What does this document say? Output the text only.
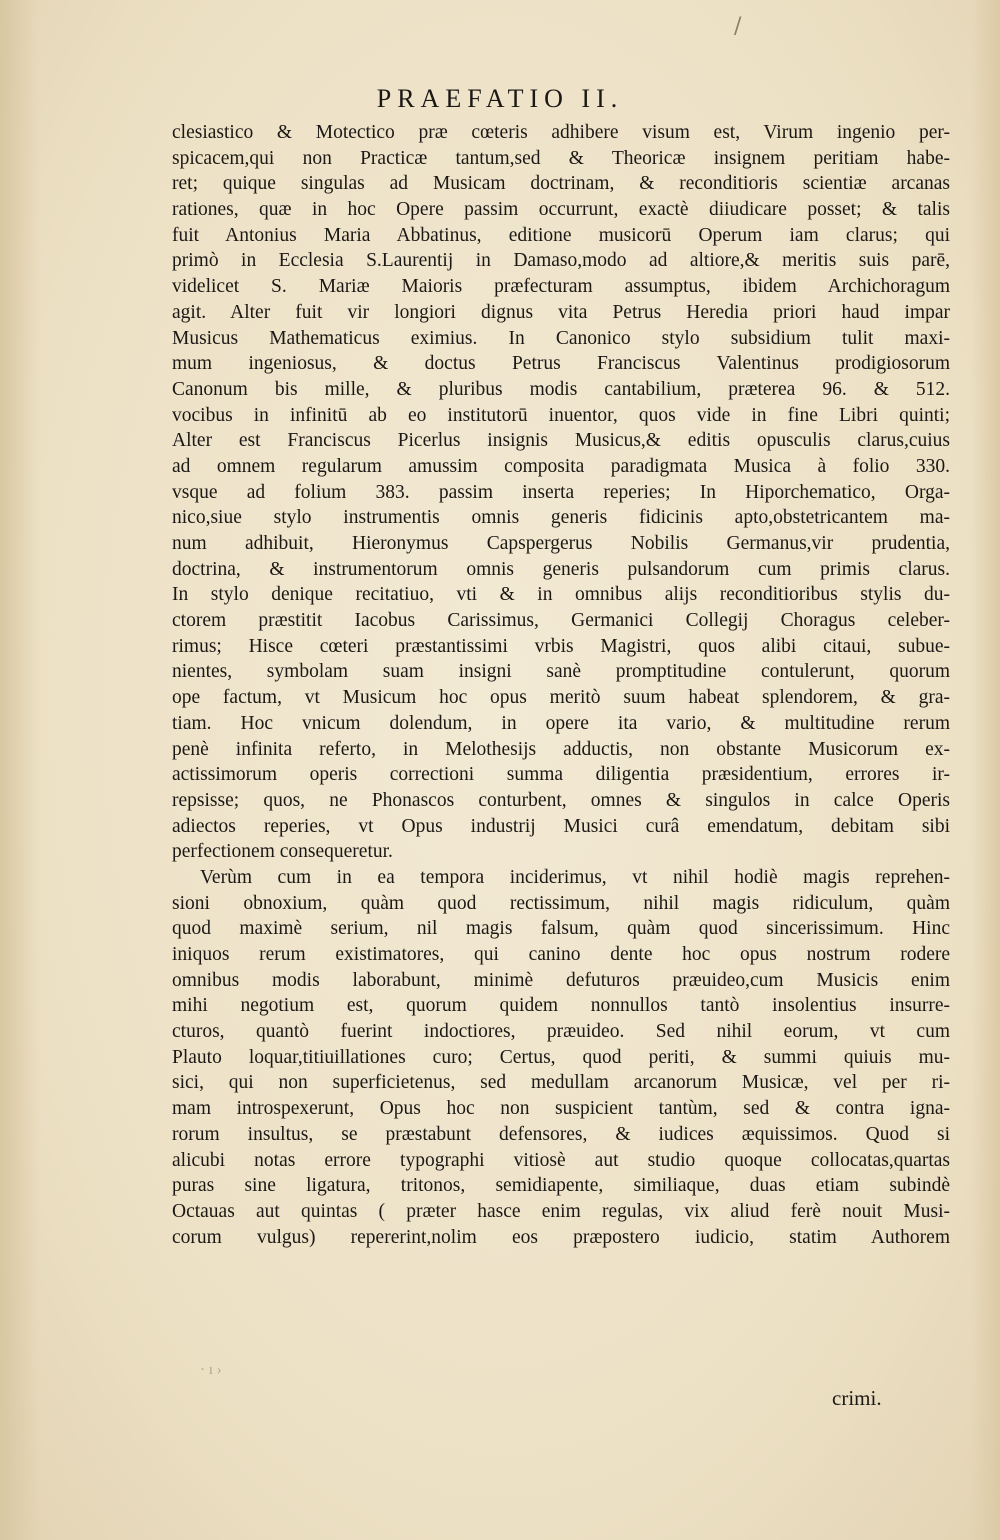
/
PRAEFATIO II.
clesiastico & Motectico præ cœteris adhibere visum est, Virum ingenio per-
spicacem,qui non Practicæ tantum,sed & Theoricæ insignem peritiam habe-
ret; quique singulas ad Musicam doctrinam, & reconditioris scientiæ arcanas
rationes, quæ in hoc Opere passim occurrunt, exactè diiudicare posset; & talis
fuit Antonius Maria Abbatinus, editione musicorū Operum iam clarus; qui
primò in Ecclesia S.Laurentij in Damaso,modo ad altiore,& meritis suis parē,
videlicet S. Mariæ Maioris præfecturam assumptus, ibidem Archichoragum
agit. Alter fuit vir longiori dignus vita Petrus Heredia priori haud impar
Musicus Mathematicus eximius. In Canonico stylo subsidium tulit maxi-
mum ingeniosus, & doctus Petrus Franciscus Valentinus prodigiosorum
Canonum bis mille, & pluribus modis cantabilium, præterea 96. & 512.
vocibus in infinitū ab eo institutorū inuentor, quos vide in fine Libri quinti;
Alter est Franciscus Picerlus insignis Musicus,& editis opusculis clarus,cuius
ad omnem regularum amussim composita paradigmata Musica à folio 330.
vsque ad folium 383. passim inserta reperies; In Hiporchematico, Orga-
nico,siue stylo instrumentis omnis generis fidicinis apto,obstetricantem ma-
num adhibuit, Hieronymus Capspergerus Nobilis Germanus,vir prudentia,
doctrina, & instrumentorum omnis generis pulsandorum cum primis clarus.
In stylo denique recitatiuo, vti & in omnibus alijs reconditioribus stylis du-
ctorem præstitit Iacobus Carissimus, Germanici Collegij Choragus celeber-
rimus; Hisce cœteri præstantissimi vrbis Magistri, quos alibi citaui, subue-
nientes, symbolam suam insigni sanè promptitudine contulerunt, quorum
ope factum, vt Musicum hoc opus meritò suum habeat splendorem, & gra-
tiam. Hoc vnicum dolendum, in opere ita vario, & multitudine rerum
penè infinita referto, in Melothesijs adductis, non obstante Musicorum ex-
actissimorum operis correctioni summa diligentia præsidentium, errores ir-
repsisse; quos, ne Phonascos conturbent, omnes & singulos in calce Operis
adiectos reperies, vt Opus industrij Musici curâ emendatum, debitam sibi
perfectionem consequeretur.
Verùm cum in ea tempora inciderimus, vt nihil hodiè magis reprehen-
sioni obnoxium, quàm quod rectissimum, nihil magis ridiculum, quàm
quod maximè serium, nil magis falsum, quàm quod sincerissimum. Hinc
iniquos rerum existimatores, qui canino dente hoc opus nostrum rodere
omnibus modis laborabunt, minimè defuturos præuideo,cum Musicis enim
mihi negotium est, quorum quidem nonnullos tantò insolentius insurre-
cturos, quantò fuerint indoctiores, præuideo. Sed nihil eorum, vt cum
Plauto loquar,titiuillationes curo; Certus, quod periti, & summi quiuis mu-
sici, qui non superficietenus, sed medullam arcanorum Musicæ, vel per ri-
mam introspexerunt, Opus hoc non suspicient tantùm, sed & contra igna-
rorum insultus, se præstabunt defensores, & iudices æquissimos. Quod si
alicubi notas errore typographi vitiosè aut studio quoque collocatas,quartas
puras sine ligatura, tritonos, semidiapente, similiaque, duas etiam subindè
Octauas aut quintas ( præter hasce enim regulas, vix aliud ferè nouit Musi-
corum vulgus) repererint,nolim eos præpostero iudicio, statim Authorem
· ı ›
crimi.
